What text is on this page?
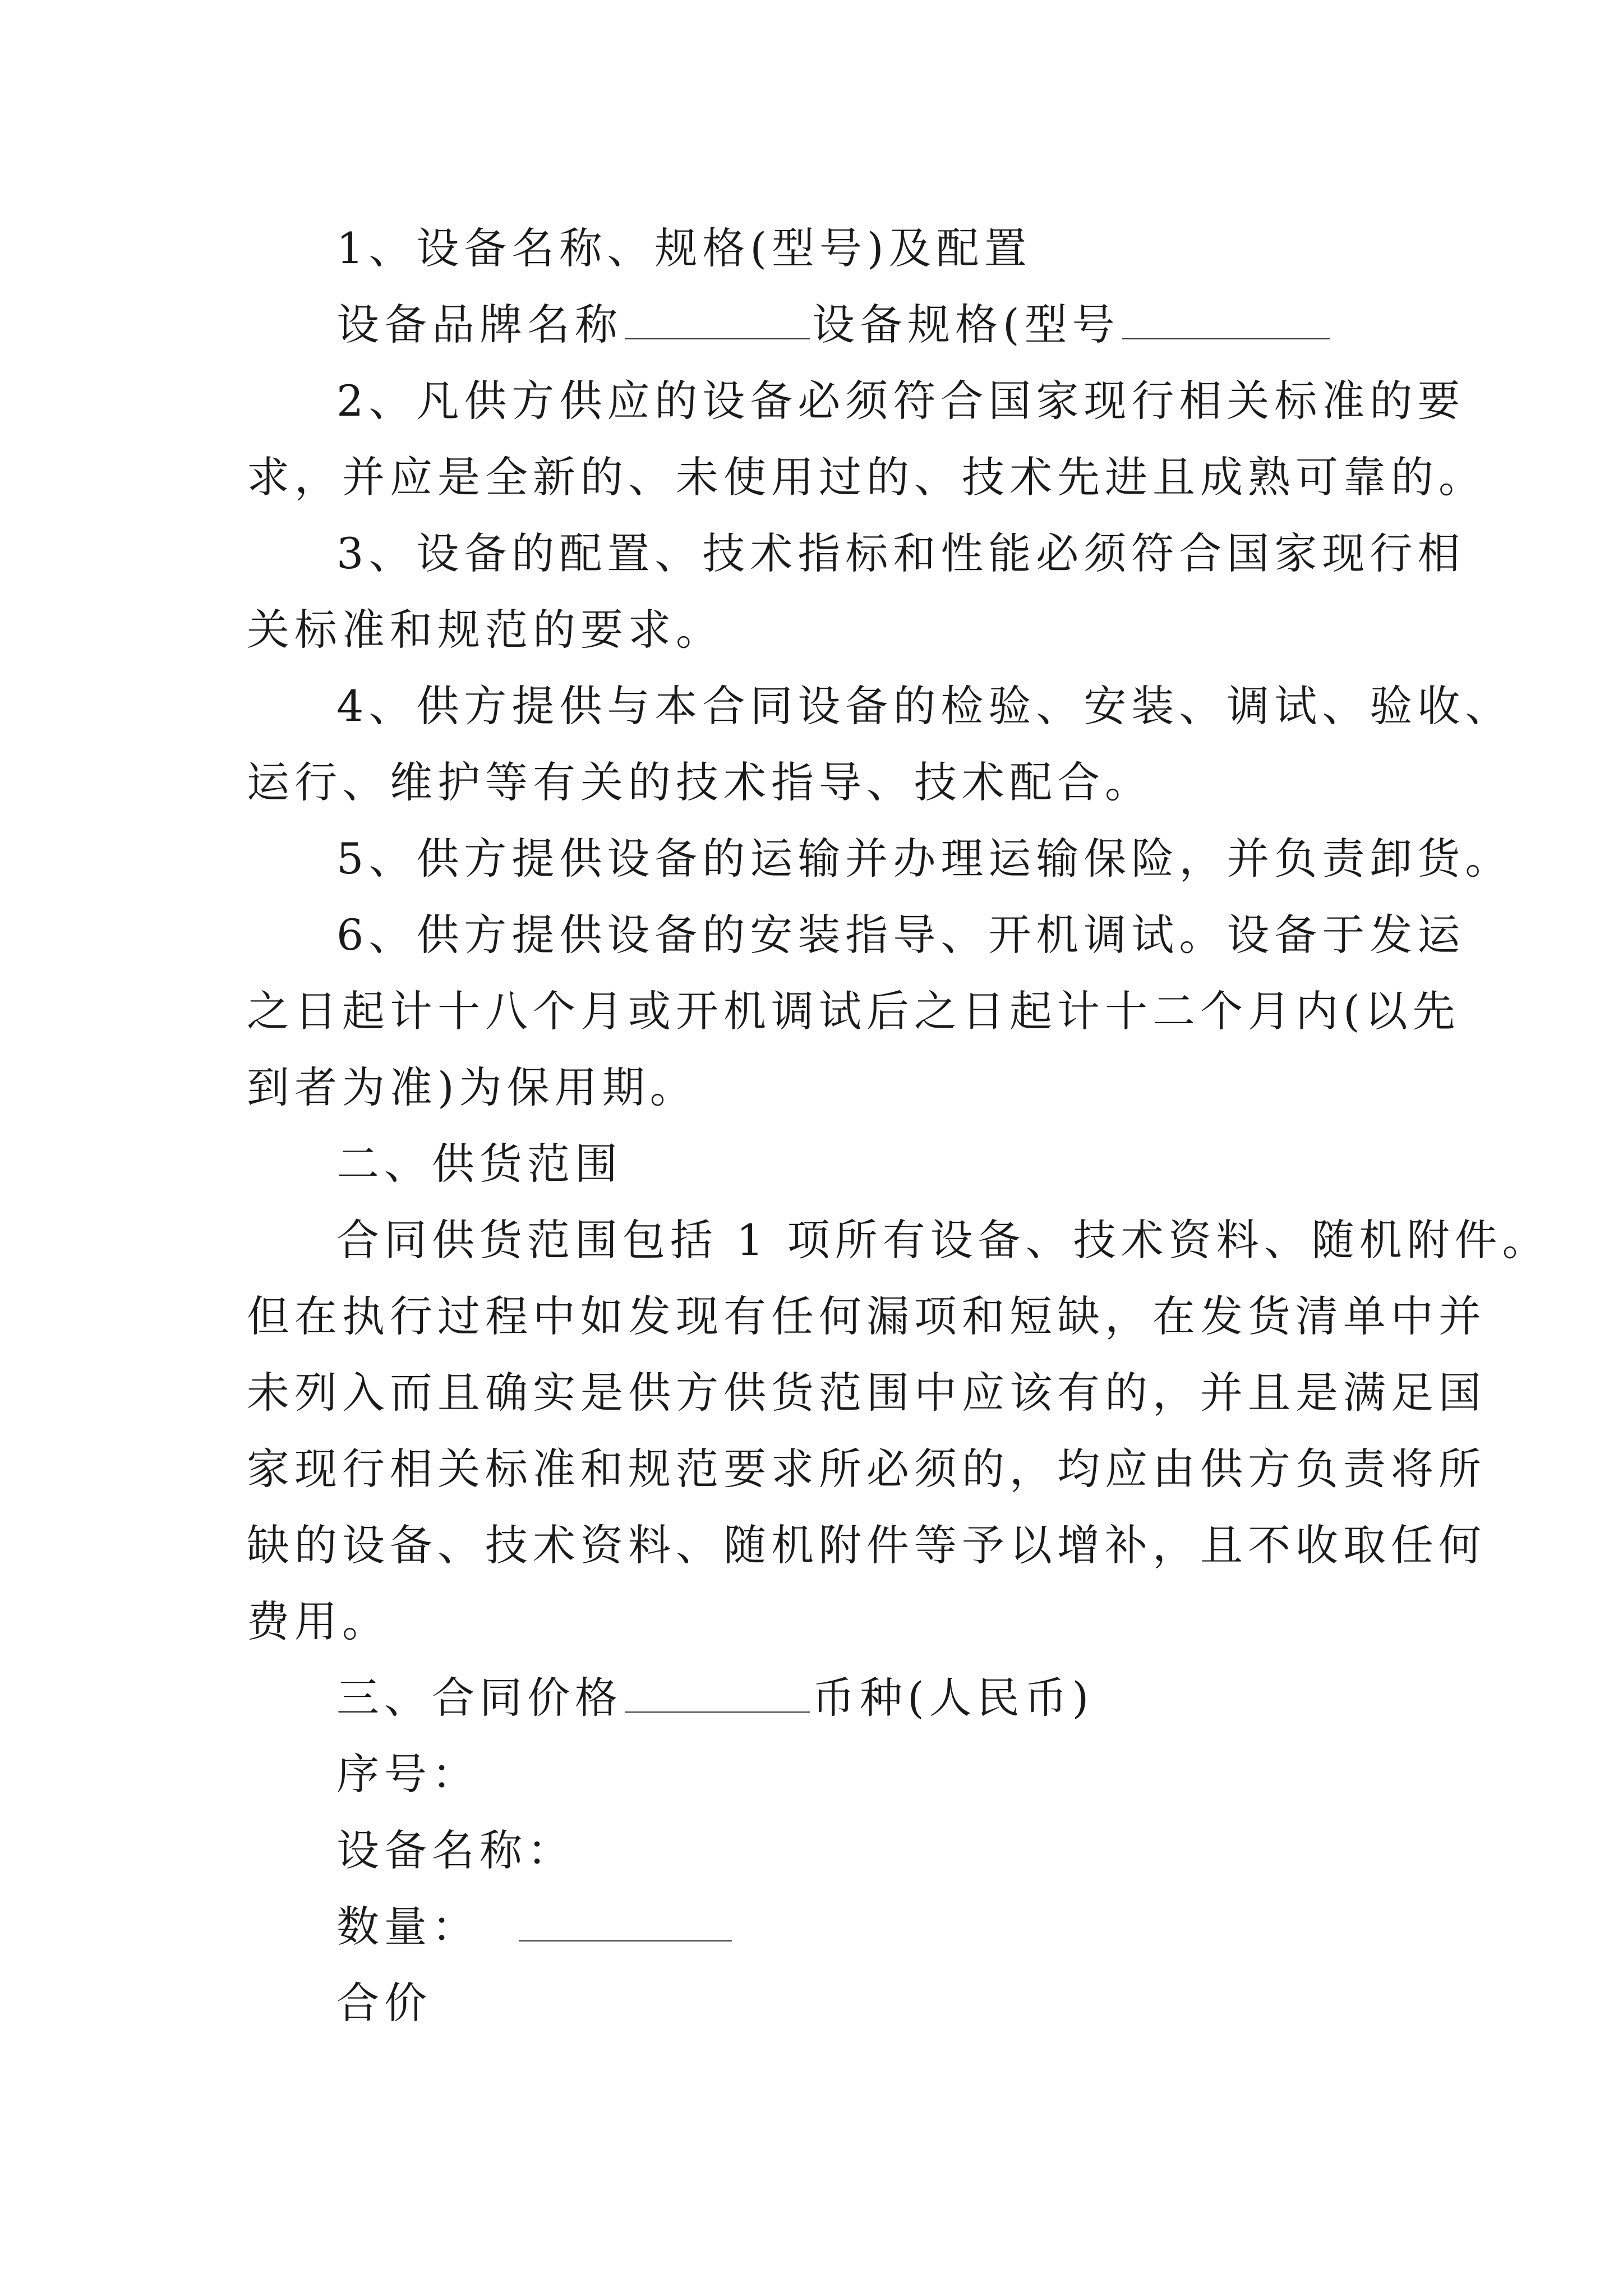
1、设备名称、规格(型号)及配置
设备品牌名称	设备规格(型号
2、凡供方供应的设备必须符合国家现行相关标准的要
求，并应是全新的、未使用过的、技术先进且成熟可靠的。
3、设备的配置、技术指标和性能必须符合国家现行相
关标准和规范的要求。
4、供方提供与本合同设备的检验、安装、调试、验收、
运行、维护等有关的技术指导、技术配合。
5、供方提供设备的运输并办理运输保险，并负责卸货。
6、供方提供设备的安装指导、开机调试。设备于发运
之日起计十八个月或开机调试后之日起计十二个月内(以先
到者为准)为保用期。
二、供货范围
合同供货范围包括 1 项所有设备、技术资料、随机附件。
但在执行过程中如发现有任何漏项和短缺，在发货清单中并
未列入而且确实是供方供货范围中应该有的，并且是满足国
家现行相关标准和规范要求所必须的，均应由供方负责将所
缺的设备、技术资料、随机附件等予以增补，且不收取任何
费用。
三、合同价格	币种(人民币)
序号：
设备名称：
数量：
合价
